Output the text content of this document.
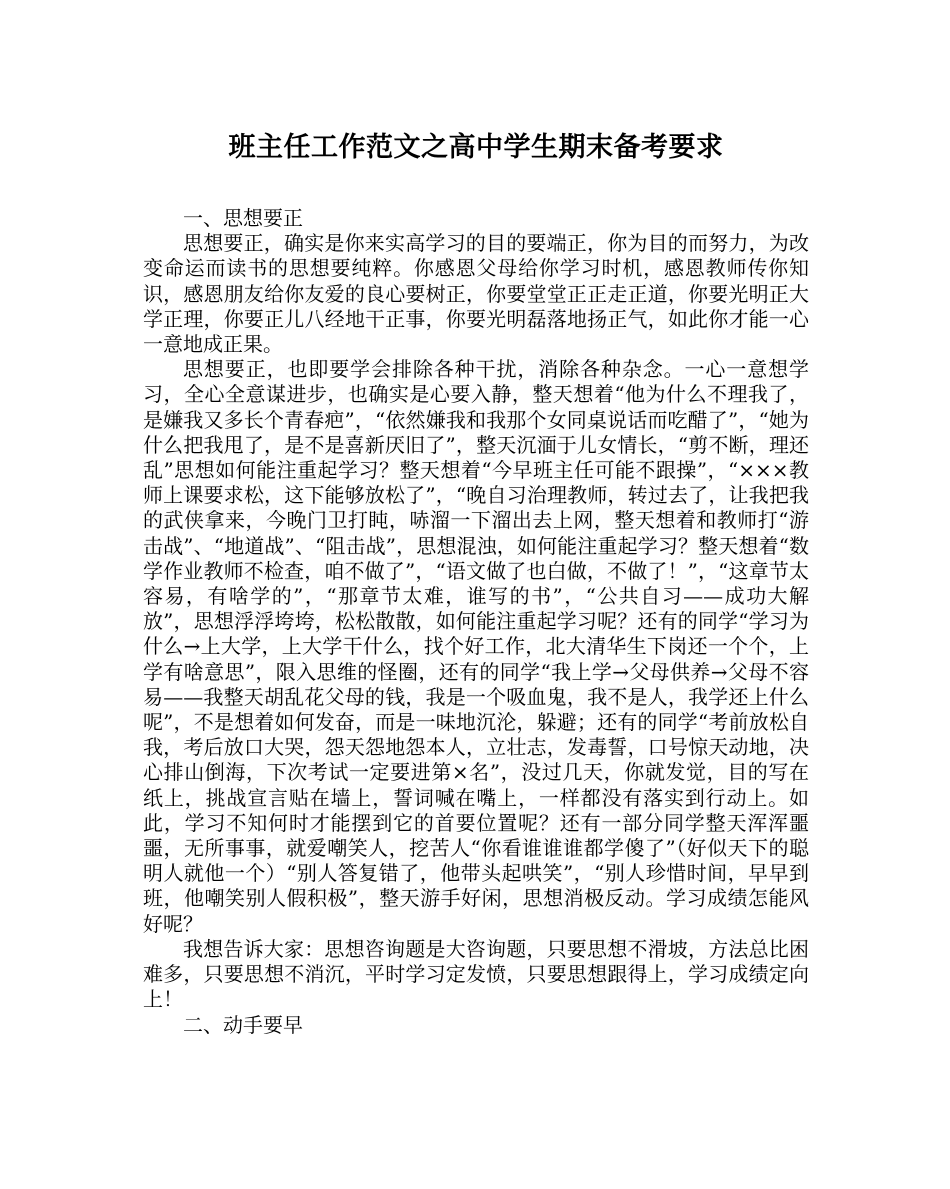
班主任工作范文之高中学生期末备考要求

一、思想要正

思想要正，确实是你来实高学习的目的要端正，你为目的而努力，为改变命运而读书的思想要纯粹。你感恩父母给你学习时机，感恩教师传你知识，感恩朋友给你友爱的良心要树正，你要堂堂正正走正道，你要光明正大学正理，你要正儿八经地干正事，你要光明磊落地扬正气，如此你才能一心一意地成正果。

思想要正，也即要学会排除各种干扰，消除各种杂念。一心一意想学习，全心全意谋进步，也确实是心要入静，整天想着“他为什么不理我了，是嫌我又多长个青春疤”，“依然嫌我和我那个女同桌说话而吃醋了”，“她为什么把我甩了，是不是喜新厌旧了”，整天沉湎于儿女情长，“剪不断，理还乱”思想如何能注重起学习？整天想着“今早班主任可能不跟操”，“×××教师上课要求松，这下能够放松了”，“晚自习治理教师，转过去了，让我把我的武侠拿来，今晚门卫打盹，哧溜一下溜出去上网，整天想着和教师打“游击战”、“地道战”、“阻击战”，思想混浊，如何能注重起学习？整天想着“数学作业教师不检查，咱不做了”，“语文做了也白做，不做了！”，“这章节太容易，有啥学的”，“那章节太难，谁写的书”，“公共自习——成功大解放”，思想浮浮垮垮，松松散散，如何能注重起学习呢？还有的同学“学习为什么→上大学，上大学干什么，找个好工作，北大清华生下岗还一个个，上学有啥意思”，限入思维的怪圈，还有的同学“我上学→父母供养→父母不容易——我整天胡乱花父母的钱，我是一个吸血鬼，我不是人，我学还上什么呢”，不是想着如何发奋，而是一味地沉沦，躲避；还有的同学“考前放松自我，考后放口大哭，怨天怨地怨本人，立壮志，发毒誓，口号惊天动地，决心排山倒海，下次考试一定要进第×名”，没过几天，你就发觉，目的写在纸上，挑战宣言贴在墙上，誓词喊在嘴上，一样都没有落实到行动上。如此，学习不知何时才能摆到它的首要位置呢？还有一部分同学整天浑浑噩噩，无所事事，就爱嘲笑人，挖苦人“你看谁谁谁都学傻了”（好似天下的聪明人就他一个）“别人答复错了，他带头起哄笑”，“别人珍惜时间，早早到班，他嘲笑别人假积极”，整天游手好闲，思想消极反动。学习成绩怎能风好呢？

我想告诉大家：思想咨询题是大咨询题，只要思想不滑坡，方法总比困难多，只要思想不消沉，平时学习定发愤，只要思想跟得上，学习成绩定向上！

二、动手要早
